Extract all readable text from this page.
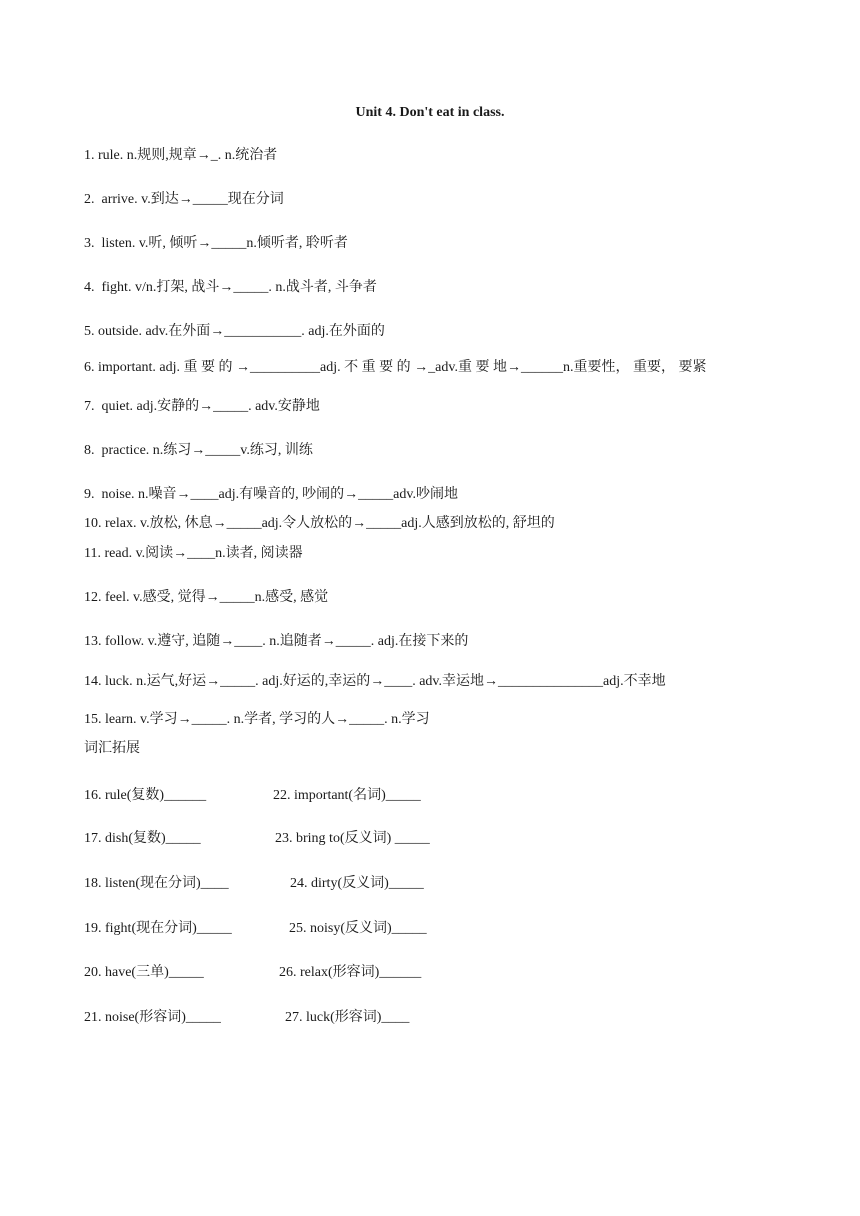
Unit 4. Don't eat in class.
1. rule. n.规则,规章→_. n.统治者
2.  arrive. v.到达→_____现在分词
3.  listen. v.听, 倾听→_____n.倾听者, 聆听者
4.  fight. v/n.打架, 战斗→_____. n.战斗者, 斗争者
5. outside. adv.在外面→___________. adj.在外面的
6. important. adj. 重 要 的 →__________adj. 不 重 要 的 →_adv.重 要 地→______n.重要性， 重要， 要紧
7.  quiet. adj.安静的→_____. adv.安静地
8.  practice. n.练习→_____v.练习, 训练
9.  noise. n.噪音→____adj.有噪音的, 吵闹的→_____adv.吵闹地
10. relax. v.放松, 休息→_____adj.令人放松的→_____adj.人感到放松的, 舒坦的
11. read. v.阅读→____n.读者, 阅读器
12. feel. v.感受, 觉得→_____n.感受, 感觉
13. follow. v.遵守, 追随→____. n.追随者→_____. adj.在接下来的
14. luck. n.运气,好运→_____. adj.好运的,幸运的→____. adv.幸运地→_______________adj.不幸地
15. learn. v.学习→_____. n.学者, 学习的人→_____. n.学习
词汇拓展
16. rule(复数)______
17. dish(复数)_____
18. listen(现在分词)____
19. fight(现在分词)_____
20. have(三单)_____
21. noise(形容词)_____
22. important(名词)_____
23. bring to(反义词) _____
24. dirty(反义词)_____
25. noisy(反义词)_____
26. relax(形容词)______
27. luck(形容词)____
